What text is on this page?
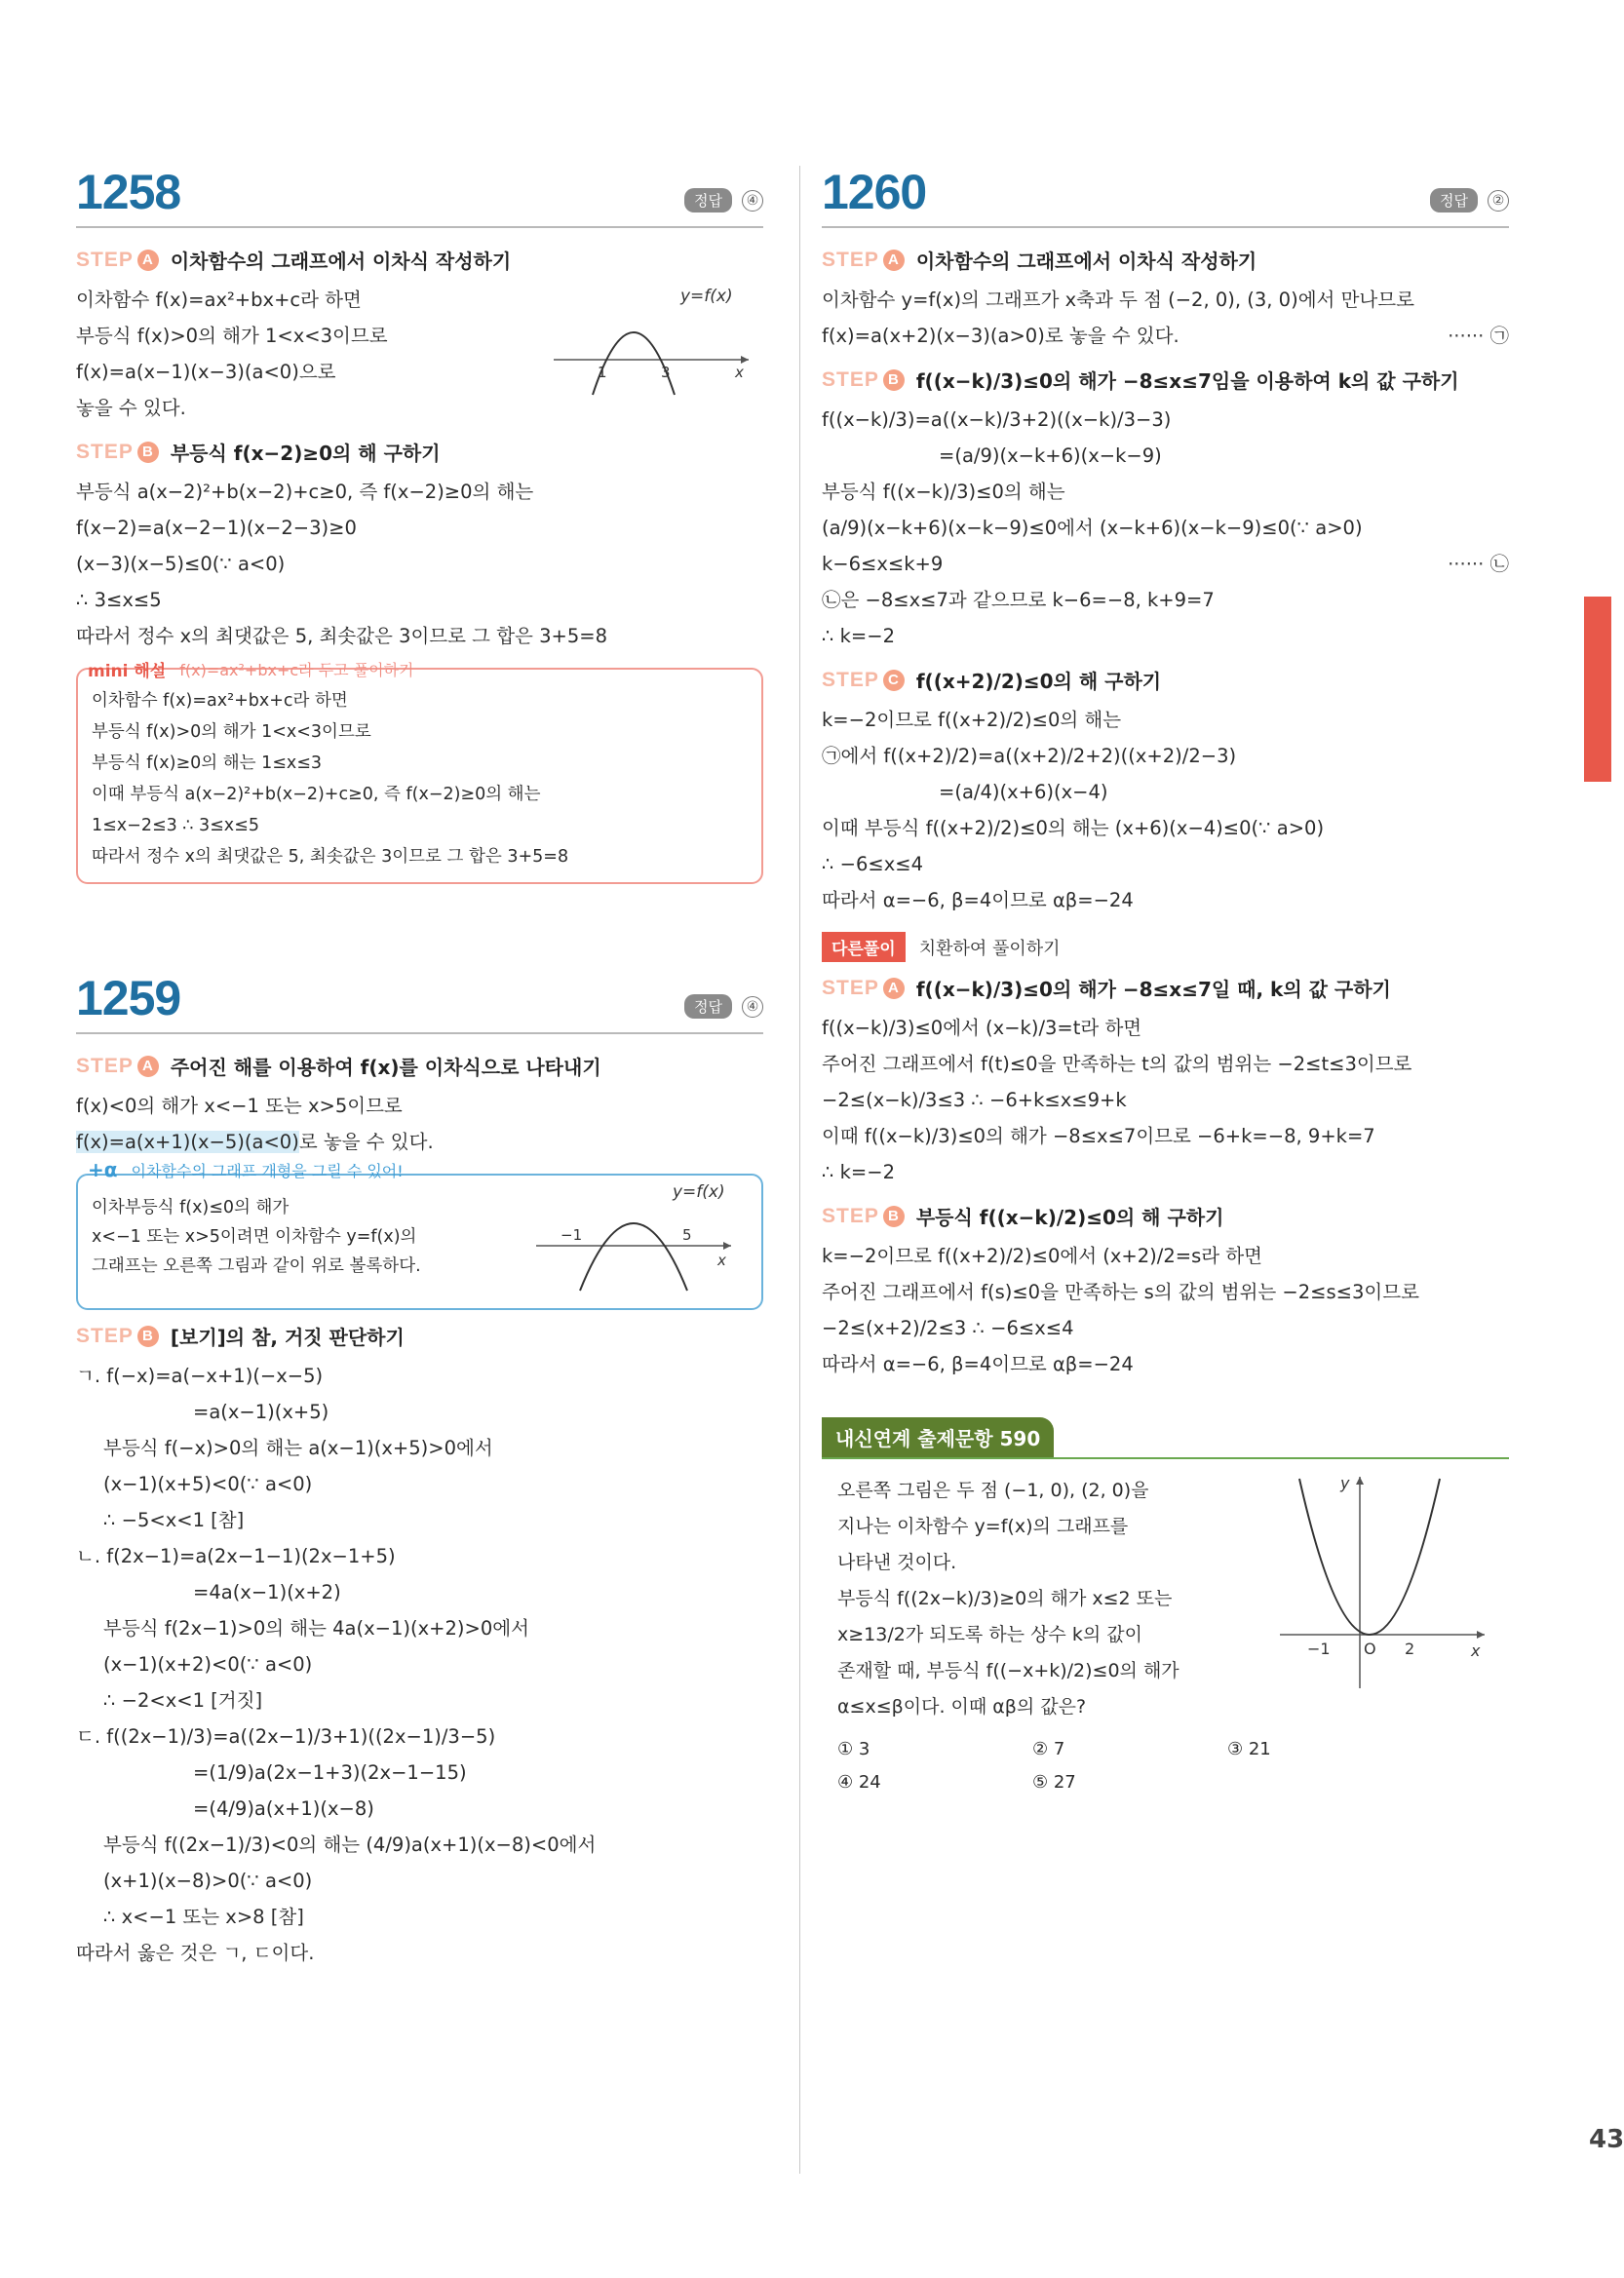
43
1258	정답	④
STEP A 이차함수의 그래프에서 이차식 작성하기
이차함수 f(x)=ax²+bx+c라 하면
부등식 f(x)>0의 해가 1<x<3이므로
f(x)=a(x−1)(x−3)(a<0)으로
놓을 수 있다.
y=f(x)
1	3	x
STEP B 부등식 f(x−2)≥0의 해 구하기
부등식 a(x−2)²+b(x−2)+c≥0, 즉 f(x−2)≥0의 해는
f(x−2)=a(x−2−1)(x−2−3)≥0
(x−3)(x−5)≤0(∵ a<0)
∴ 3≤x≤5
따라서 정수 x의 최댓값은 5, 최솟값은 3이므로 그 합은 3+5=8
mini 해설 f(x)=ax²+bx+c라 두고 풀이하기
이차함수 f(x)=ax²+bx+c라 하면
부등식 f(x)>0의 해가 1<x<3이므로
부등식 f(x)≥0의 해는 1≤x≤3
이때 부등식 a(x−2)²+b(x−2)+c≥0, 즉 f(x−2)≥0의 해는
1≤x−2≤3 ∴ 3≤x≤5
따라서 정수 x의 최댓값은 5, 최솟값은 3이므로 그 합은 3+5=8
1259	정답	④
STEP A 주어진 해를 이용하여 f(x)를 이차식으로 나타내기
f(x)<0의 해가 x<−1 또는 x>5이므로
f(x)=a(x+1)(x−5)(a<0)로 놓을 수 있다.
+α 이차함수의 그래프 개형을 그릴 수 있어!
이차부등식 f(x)≤0의 해가
x<−1 또는 x>5이려면 이차함수 y=f(x)의
그래프는 오른쪽 그림과 같이 위로 볼록하다.
y=f(x)
−1	5
x
STEP B [보기]의 참, 거짓 판단하기
ㄱ. f(−x)=a(−x+1)(−x−5)
=a(x−1)(x+5)
부등식 f(−x)>0의 해는 a(x−1)(x+5)>0에서
(x−1)(x+5)<0(∵ a<0)
∴ −5<x<1 [참]
ㄴ. f(2x−1)=a(2x−1−1)(2x−1+5)
=4a(x−1)(x+2)
부등식 f(2x−1)>0의 해는 4a(x−1)(x+2)>0에서
(x−1)(x+2)<0(∵ a<0)
∴ −2<x<1 [거짓]
ㄷ. f((2x−1)/3)=a((2x−1)/3+1)((2x−1)/3−5)
=(1/9)a(2x−1+3)(2x−1−15)
=(4/9)a(x+1)(x−8)
부등식 f((2x−1)/3)<0의 해는 (4/9)a(x+1)(x−8)<0에서
(x+1)(x−8)>0(∵ a<0)
∴ x<−1 또는 x>8 [참]
따라서 옳은 것은 ㄱ, ㄷ이다.
1260	정답	②
STEP A 이차함수의 그래프에서 이차식 작성하기
이차함수 y=f(x)의 그래프가 x축과 두 점 (−2, 0), (3, 0)에서 만나므로
f(x)=a(x+2)(x−3)(a>0)로 놓을 수 있다.	······ ㉠
STEP B f((x−k)/3)≤0의 해가 −8≤x≤7임을 이용하여 k의 값 구하기
f((x−k)/3)=a((x−k)/3+2)((x−k)/3−3)
=(a/9)(x−k+6)(x−k−9)
부등식 f((x−k)/3)≤0의 해는
(a/9)(x−k+6)(x−k−9)≤0에서 (x−k+6)(x−k−9)≤0(∵ a>0)
k−6≤x≤k+9	······ ㉡
㉡은 −8≤x≤7과 같으므로 k−6=−8, k+9=7
∴ k=−2
STEP C f((x+2)/2)≤0의 해 구하기
k=−2이므로 f((x+2)/2)≤0의 해는
㉠에서 f((x+2)/2)=a((x+2)/2+2)((x+2)/2−3)
=(a/4)(x+6)(x−4)
이때 부등식 f((x+2)/2)≤0의 해는 (x+6)(x−4)≤0(∵ a>0)
∴ −6≤x≤4
따라서 α=−6, β=4이므로 αβ=−24
다른풀이	치환하여 풀이하기
STEP A f((x−k)/3)≤0의 해가 −8≤x≤7일 때, k의 값 구하기
f((x−k)/3)≤0에서 (x−k)/3=t라 하면
주어진 그래프에서 f(t)≤0을 만족하는 t의 값의 범위는 −2≤t≤3이므로
−2≤(x−k)/3≤3 ∴ −6+k≤x≤9+k
이때 f((x−k)/3)≤0의 해가 −8≤x≤7이므로 −6+k=−8, 9+k=7
∴ k=−2
STEP B 부등식 f((x−k)/2)≤0의 해 구하기
k=−2이므로 f((x+2)/2)≤0에서 (x+2)/2=s라 하면
주어진 그래프에서 f(s)≤0을 만족하는 s의 값의 범위는 −2≤s≤3이므로
−2≤(x+2)/2≤3 ∴ −6≤x≤4
따라서 α=−6, β=4이므로 αβ=−24
내신연계 출제문항 590
오른쪽 그림은 두 점 (−1, 0), (2, 0)을
지나는 이차함수 y=f(x)의 그래프를
나타낸 것이다.
부등식 f((2x−k)/3)≥0의 해가 x≤2 또는
x≥13/2가 되도록 하는 상수 k의 값이
존재할 때, 부등식 f((−x+k)/2)≤0의 해가
α≤x≤β이다. 이때 αβ의 값은?
y
x
O
−1	2
① 3	② 7	③ 21
④ 24	⑤ 27
